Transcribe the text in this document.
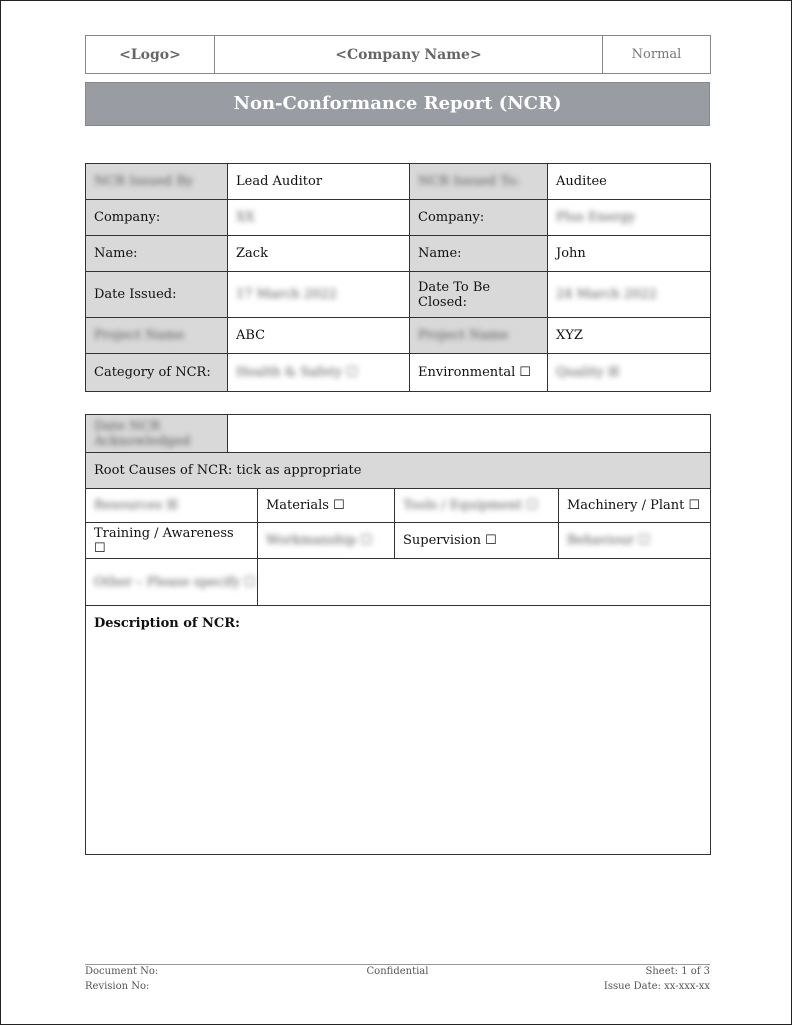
<Logo>	<Company Name>	Normal
Non-Conformance Report (NCR)
NCR Issued By	Lead Auditor	NCR Issued To:	Auditee
Company:	XX	Company:	Plus Energy
Name:	Zack	Name:	John
Date Issued:	17 March 2022	Date To Be Closed:	24 March 2022
Project Name	ABC	Project Name	XYZ
Category of NCR:	Health & Safety ☐	Environmental ☐	Quality ☒
Date NCR Acknowledged				
Root Causes of NCR: tick as appropriate				
Resources ☒		Materials ☐	Tools / Equipment ☐	Machinery / Plant ☐
Training / Awareness ☐		Workmanship ☐	Supervision ☐	Behaviour ☐
Other – Please specify ☐				
Description of NCR:				
Document No:	Confidential	Sheet: 1 of 3
Revision No:	Issue Date: xx-xxx-xx
